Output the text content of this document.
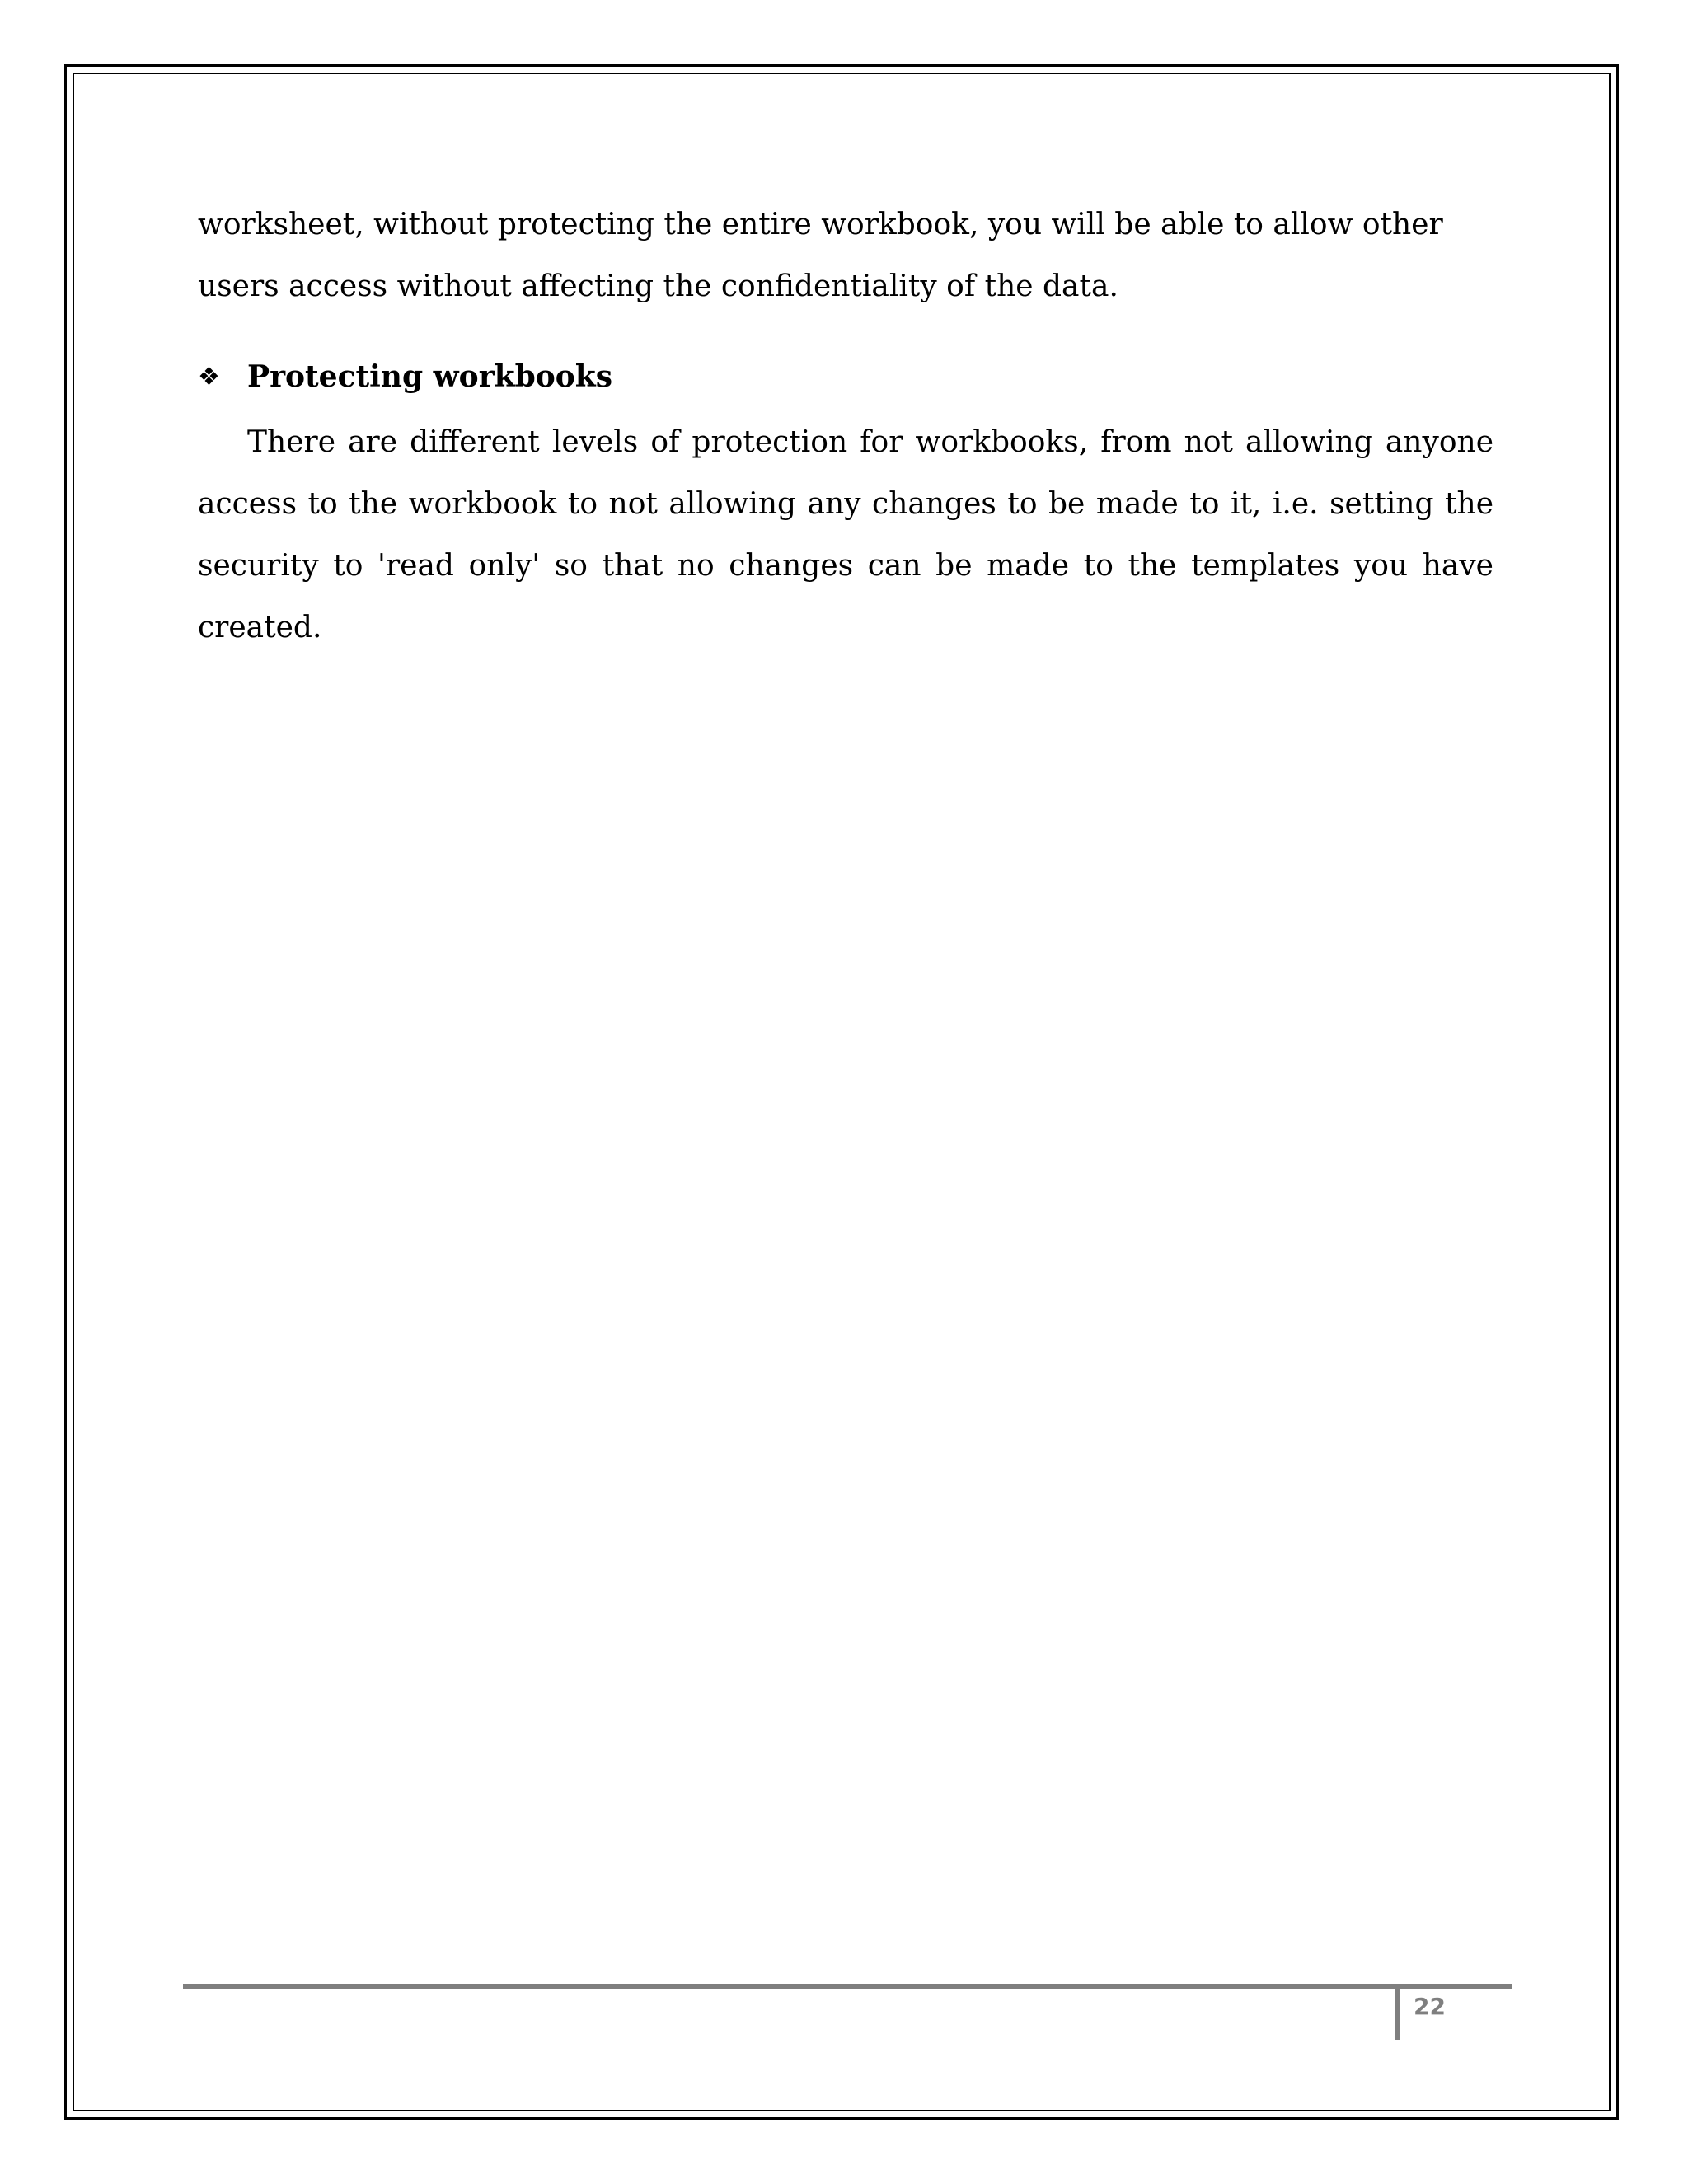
worksheet, without protecting the entire workbook, you will be able to allow other users access without affecting the confidentiality of the data.

❖ Protecting workbooks

There are different levels of protection for workbooks, from not allowing anyone access to the workbook to not allowing any changes to be made to it, i.e. setting the security to 'read only' so that no changes can be made to the templates you have created.

22
